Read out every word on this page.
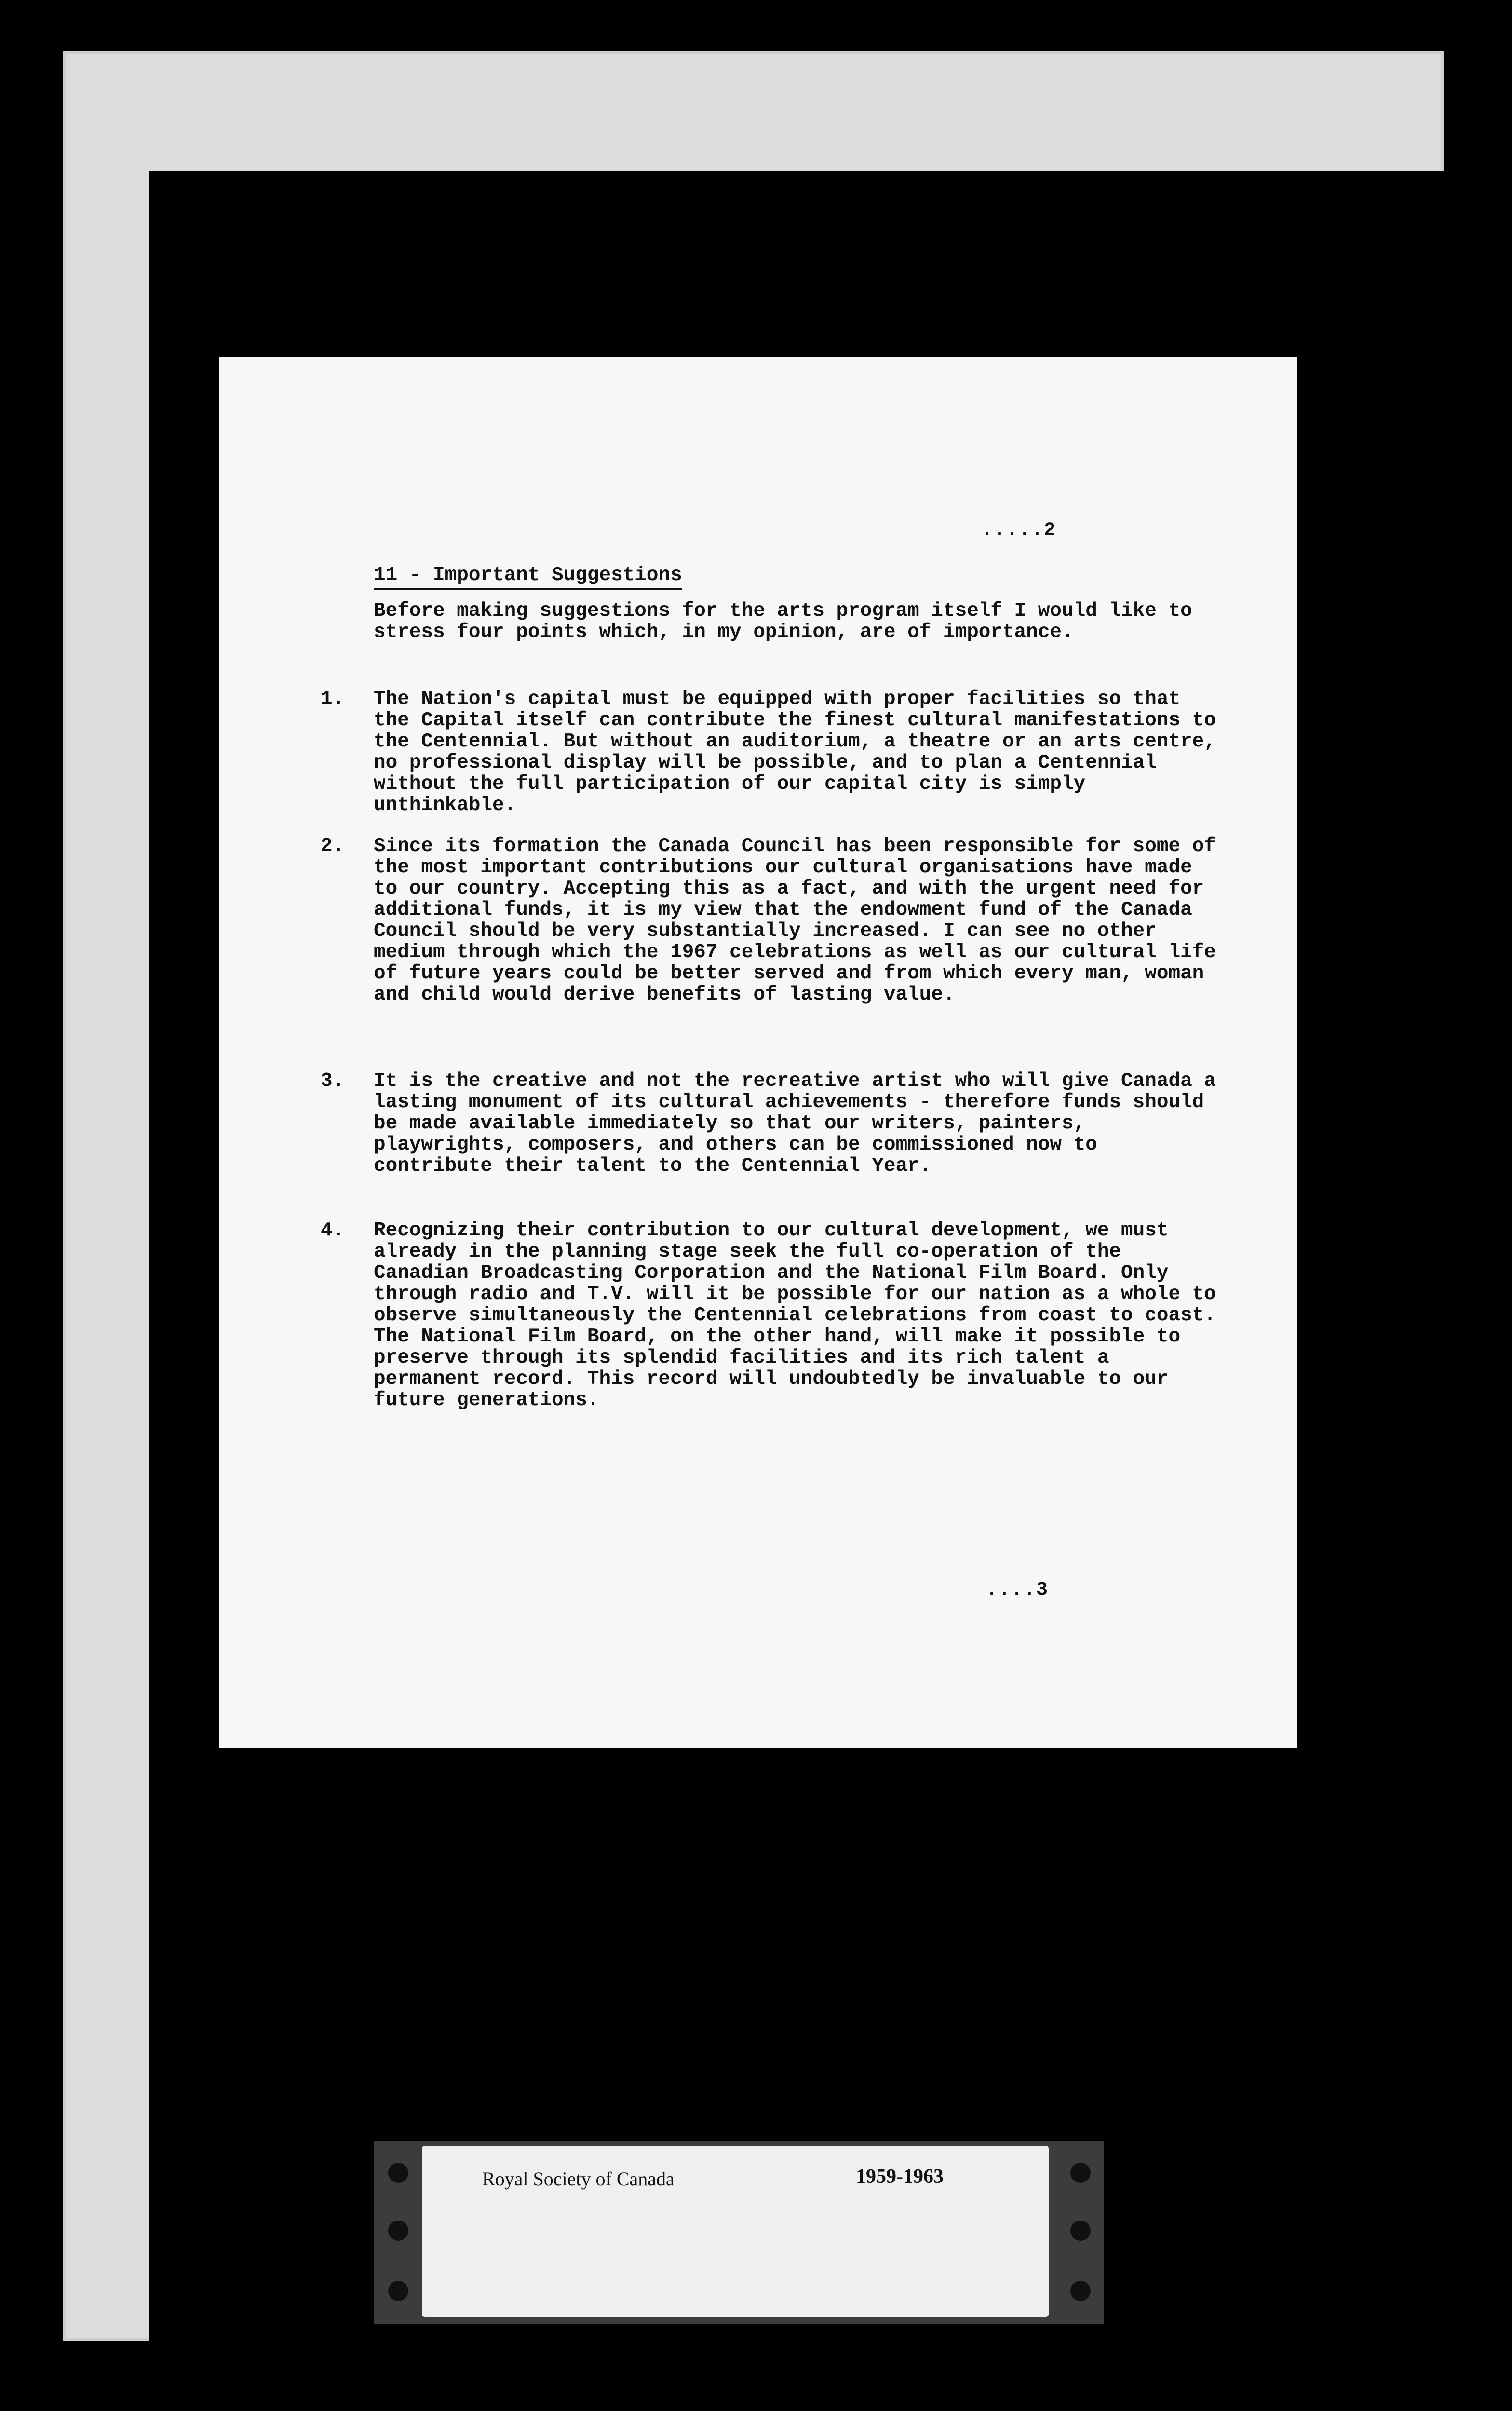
.....2
11 - Important Suggestions
Before making suggestions for the arts program itself I would like to stress four points which, in my opinion, are of importance.
1.	The Nation's capital must be equipped with proper facilities so that the Capital itself can contribute the finest cultural manifestations to the Centennial. But without an auditorium, a theatre or an arts centre, no professional display will be possible, and to plan a Centennial without the full participation of our capital city is simply unthinkable.
2.	Since its formation the Canada Council has been responsible for some of the most important contributions our cultural organisations have made to our country. Accepting this as a fact, and with the urgent need for additional funds, it is my view that the endowment fund of the Canada Council should be very substantially increased. I can see no other medium through which the 1967 celebrations as well as our cultural life of future years could be better served and from which every man, woman and child would derive benefits of lasting value.
3.	It is the creative and not the recreative artist who will give Canada a lasting monument of its cultural achievements - therefore funds should be made available immediately so that our writers, painters, playwrights, composers, and others can be commissioned now to contribute their talent to the Centennial Year.
4.	Recognizing their contribution to our cultural development, we must already in the planning stage seek the full co-operation of the Canadian Broadcasting Corporation and the National Film Board. Only through radio and T.V. will it be possible for our nation as a whole to observe simultaneously the Centennial celebrations from coast to coast. The National Film Board, on the other hand, will make it possible to preserve through its splendid facilities and its rich talent a permanent record. This record will undoubtedly be invaluable to our future generations.
....3
Royal Society of Canada	1959-1963
